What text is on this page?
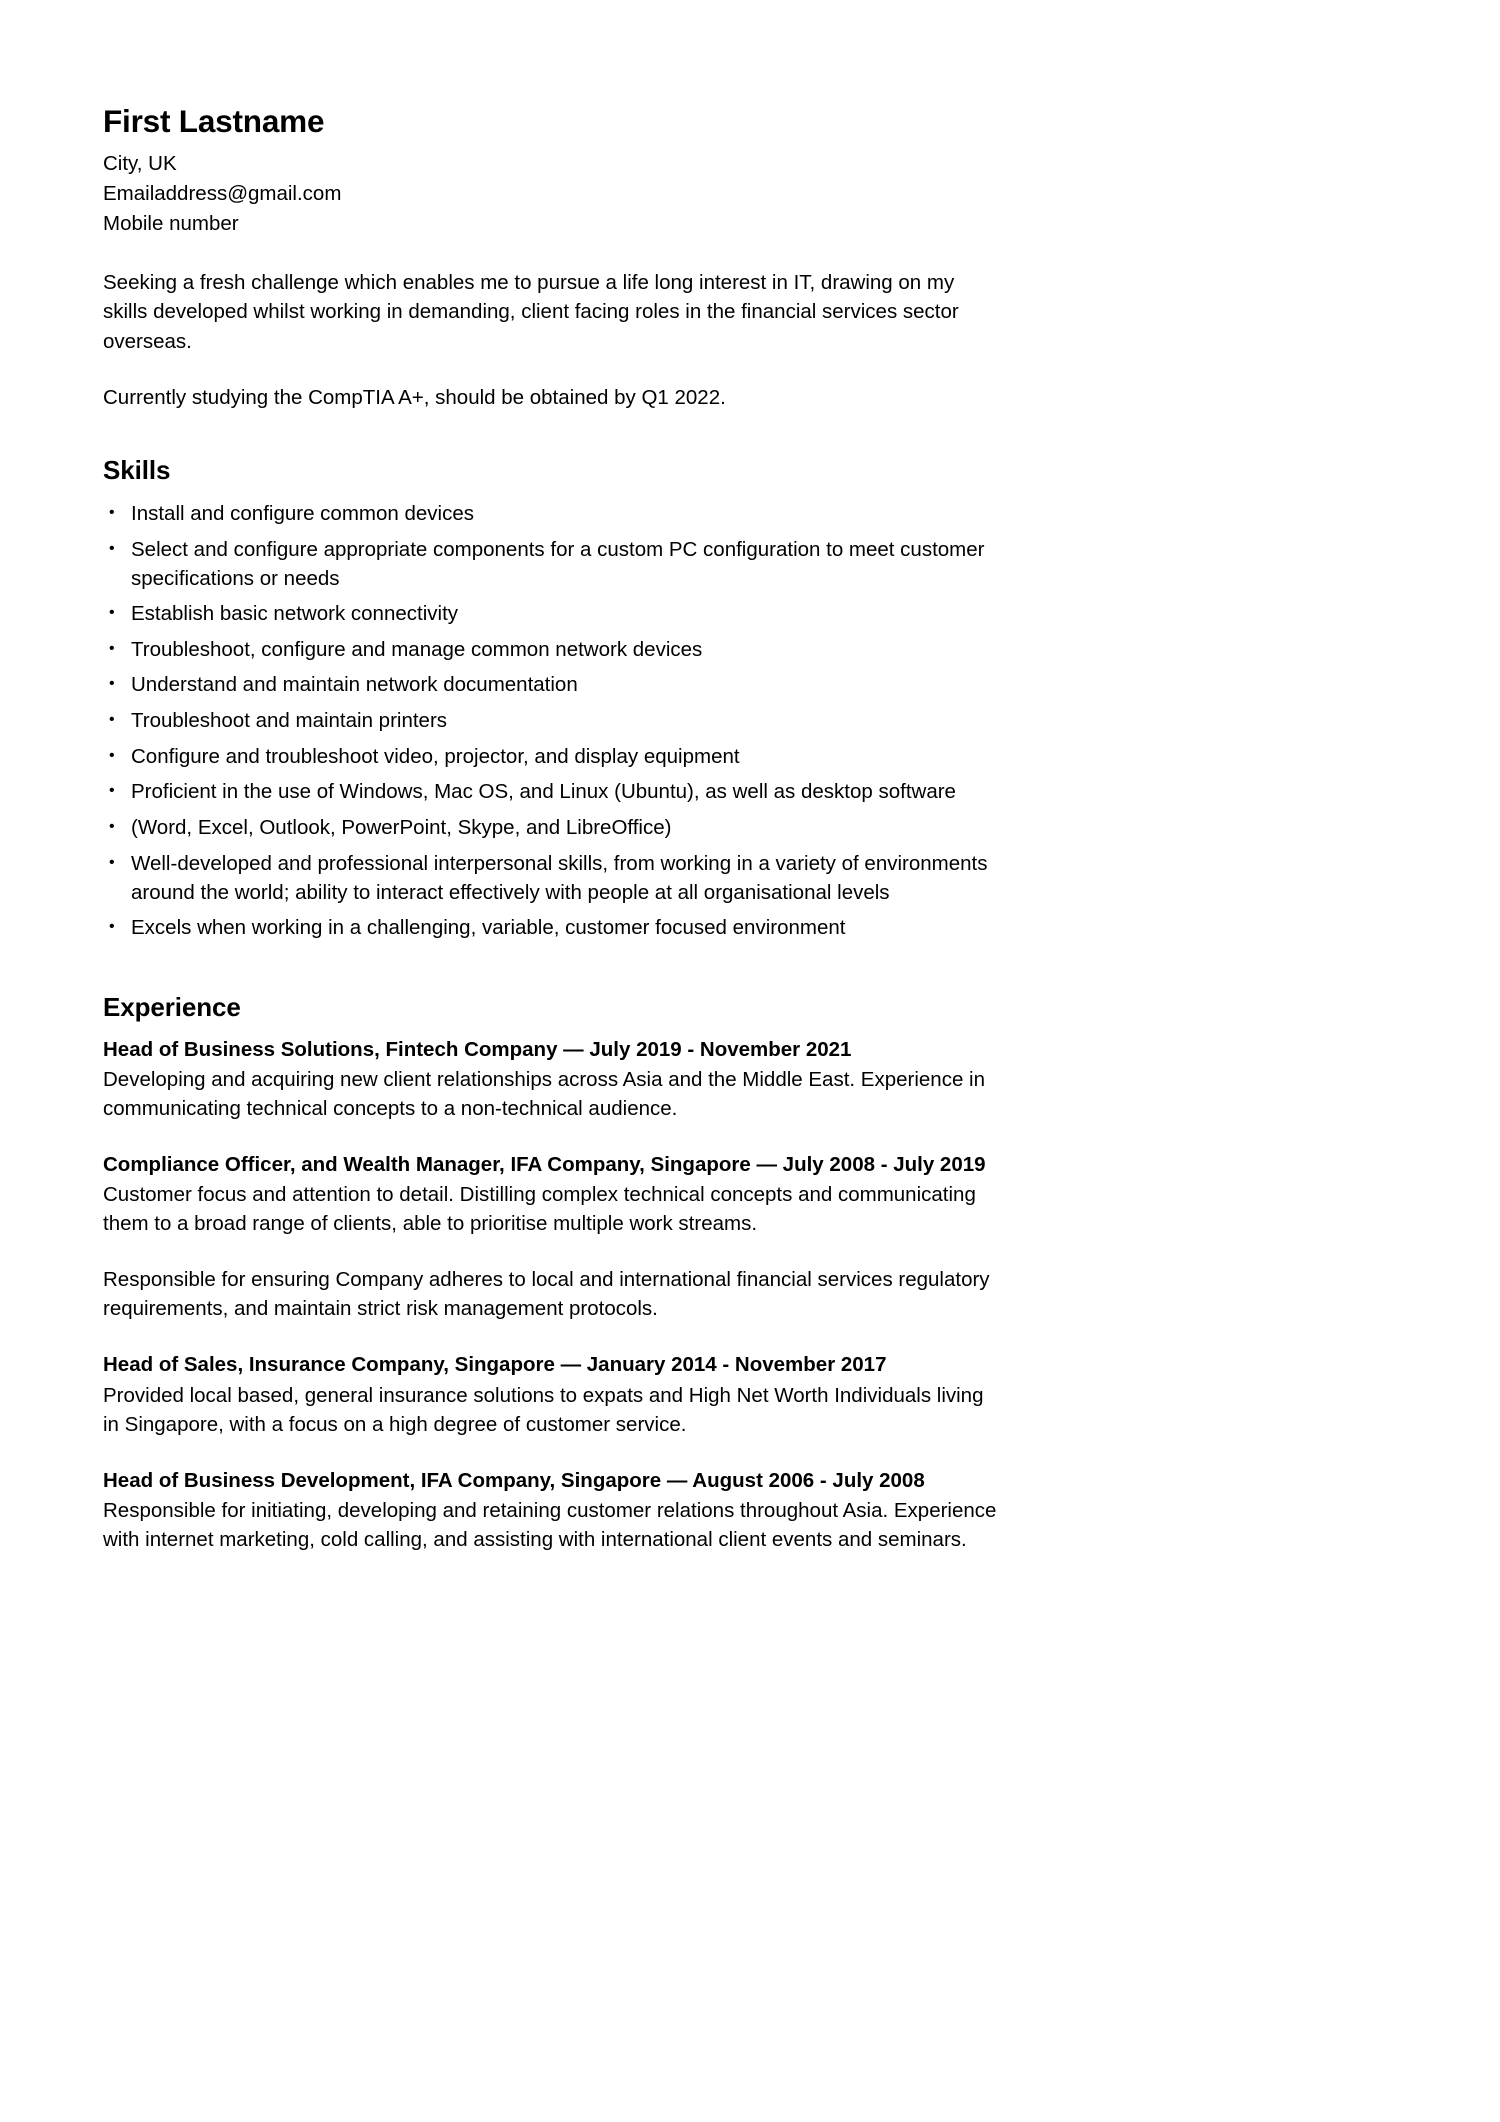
First Lastname

City, UK

Emailaddress@gmail.com

Mobile number

Seeking a fresh challenge which enables me to pursue a life long interest in IT, drawing on my skills developed whilst working in demanding, client facing roles in the financial services sector overseas.

Currently studying the CompTIA A+, should be obtained by Q1 2022.

Skills
• Install and configure common devices
• Select and configure appropriate components for a custom PC configuration to meet customer specifications or needs
• Establish basic network connectivity
• Troubleshoot, configure and manage common network devices
• Understand and maintain network documentation
• Troubleshoot and maintain printers
• Configure and troubleshoot video, projector, and display equipment
• Proficient in the use of Windows, Mac OS, and Linux (Ubuntu), as well as desktop software
• (Word, Excel, Outlook, PowerPoint, Skype, and LibreOffice)
• Well-developed and professional interpersonal skills, from working in a variety of environments around the world; ability to interact effectively with people at all organisational levels
• Excels when working in a challenging, variable, customer focused environment
Experience

Head of Business Solutions, Fintech Company — July 2019 - November 2021

Developing and acquiring new client relationships across Asia and the Middle East. Experience in communicating technical concepts to a non-technical audience.

Compliance Officer, and Wealth Manager, IFA Company, Singapore — July 2008 - July 2019

Customer focus and attention to detail. Distilling complex technical concepts and communicating them to a broad range of clients, able to prioritise multiple work streams.

Responsible for ensuring Company adheres to local and international financial services regulatory requirements, and maintain strict risk management protocols.

Head of Sales, Insurance Company, Singapore — January 2014 - November 2017

Provided local based, general insurance solutions to expats and High Net Worth Individuals living in Singapore, with a focus on a high degree of customer service.

Head of Business Development, IFA Company, Singapore — August 2006 - July 2008

Responsible for initiating, developing and retaining customer relations throughout Asia. Experience with internet marketing, cold calling, and assisting with international client events and seminars.
